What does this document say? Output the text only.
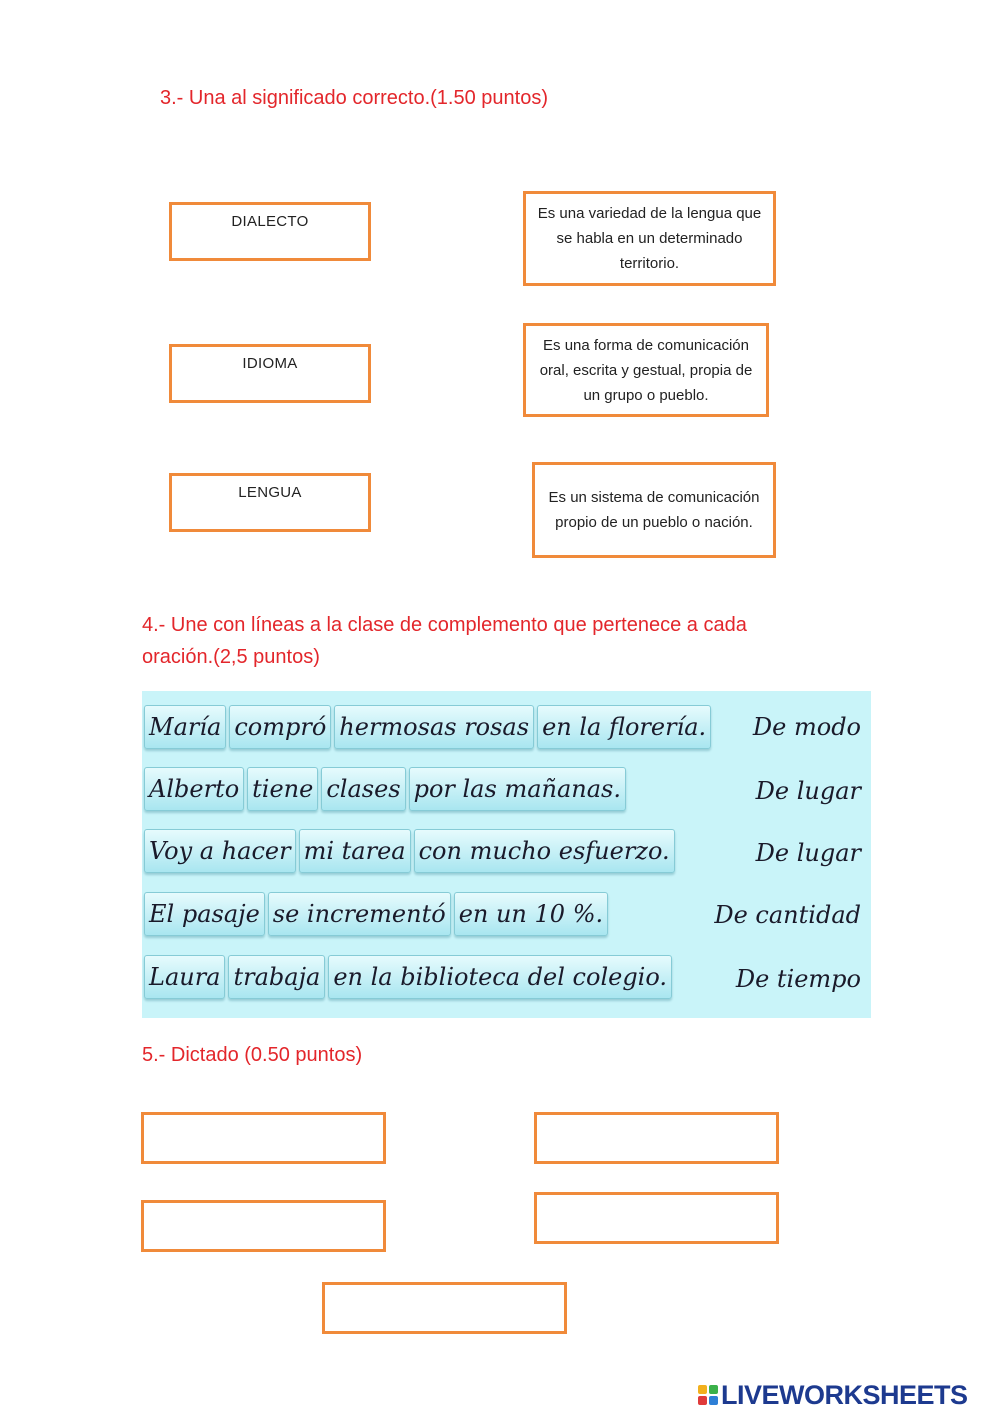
3.- Una al significado correcto.(1.50 puntos)
DIALECTO
IDIOMA
LENGUA
Es una variedad de la lengua que se habla en un determinado territorio.
Es una forma de comunicación oral, escrita y gestual, propia de un grupo o pueblo.
Es un sistema de comunicación propio de un pueblo o nación.
4.- Une con líneas a la clase de complemento que pertenece a cada oración.(2,5 puntos)
María compró hermosas rosas en la florería.
Alberto tiene clases por las mañanas.
Voy a hacer mi tarea con mucho esfuerzo.
El pasaje se incrementó en un 10 %.
Laura trabaja en la biblioteca del colegio.
De modo
De lugar
De lugar
De cantidad
De tiempo
5.- Dictado (0.50 puntos)
LIVEWORKSHEETS
